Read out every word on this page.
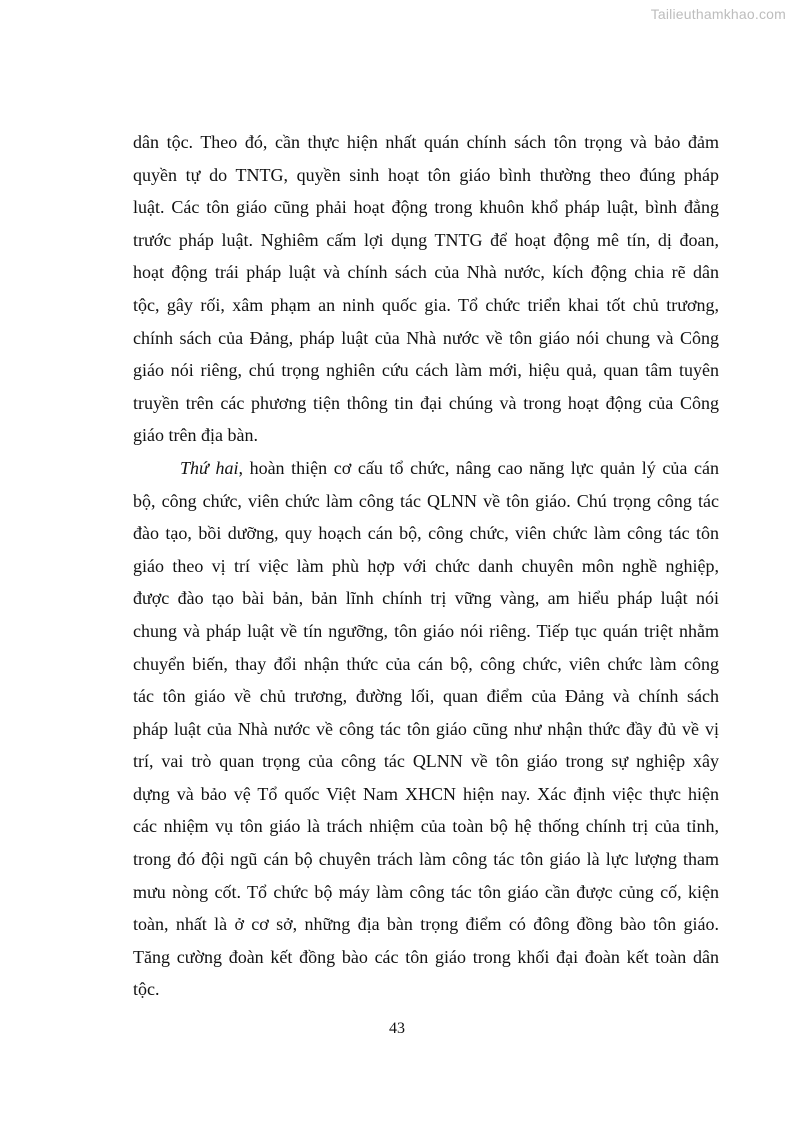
Tailieuthamkhao.com
dân tộc. Theo đó, cần thực hiện nhất quán chính sách tôn trọng và bảo đảm
quyền tự do TNTG, quyền sinh hoạt tôn giáo bình thường theo đúng pháp
luật. Các tôn giáo cũng phải hoạt động trong khuôn khổ pháp luật, bình đẳng
trước pháp luật. Nghiêm cấm lợi dụng TNTG để hoạt động mê tín, dị đoan,
hoạt động trái pháp luật và chính sách của Nhà nước, kích động chia rẽ dân
tộc, gây rối, xâm phạm an ninh quốc gia. Tổ chức triển khai tốt chủ trương,
chính sách của Đảng, pháp luật của Nhà nước về tôn giáo nói chung và Công
giáo nói riêng, chú trọng nghiên cứu cách làm mới, hiệu quả, quan tâm tuyên
truyền trên các phương tiện thông tin đại chúng và trong hoạt động của Công
giáo trên địa bàn.
Thứ hai, hoàn thiện cơ cấu tổ chức, nâng cao năng lực quản lý của cán
bộ, công chức, viên chức làm công tác QLNN về tôn giáo. Chú trọng công tác
đào tạo, bồi dưỡng, quy hoạch cán bộ, công chức, viên chức làm công tác tôn
giáo theo vị trí việc làm phù hợp với chức danh chuyên môn nghề nghiệp,
được đào tạo bài bản, bản lĩnh chính trị vững vàng, am hiểu pháp luật nói
chung và pháp luật về tín ngưỡng, tôn giáo nói riêng. Tiếp tục quán triệt nhằm
chuyển biến, thay đổi nhận thức của cán bộ, công chức, viên chức làm công
tác tôn giáo về chủ trương, đường lối, quan điểm của Đảng và chính sách
pháp luật của Nhà nước về công tác tôn giáo cũng như nhận thức đầy đủ về vị
trí, vai trò quan trọng của công tác QLNN về tôn giáo trong sự nghiệp xây
dựng và bảo vệ Tổ quốc Việt Nam XHCN hiện nay. Xác định việc thực hiện
các nhiệm vụ tôn giáo là trách nhiệm của toàn bộ hệ thống chính trị của tỉnh,
trong đó đội ngũ cán bộ chuyên trách làm công tác tôn giáo là lực lượng tham
mưu nòng cốt. Tổ chức bộ máy làm công tác tôn giáo cần được củng cố, kiện
toàn, nhất là ở cơ sở, những địa bàn trọng điểm có đông đồng bào tôn giáo.
Tăng cường đoàn kết đồng bào các tôn giáo trong khối đại đoàn kết toàn dân
tộc.
43
